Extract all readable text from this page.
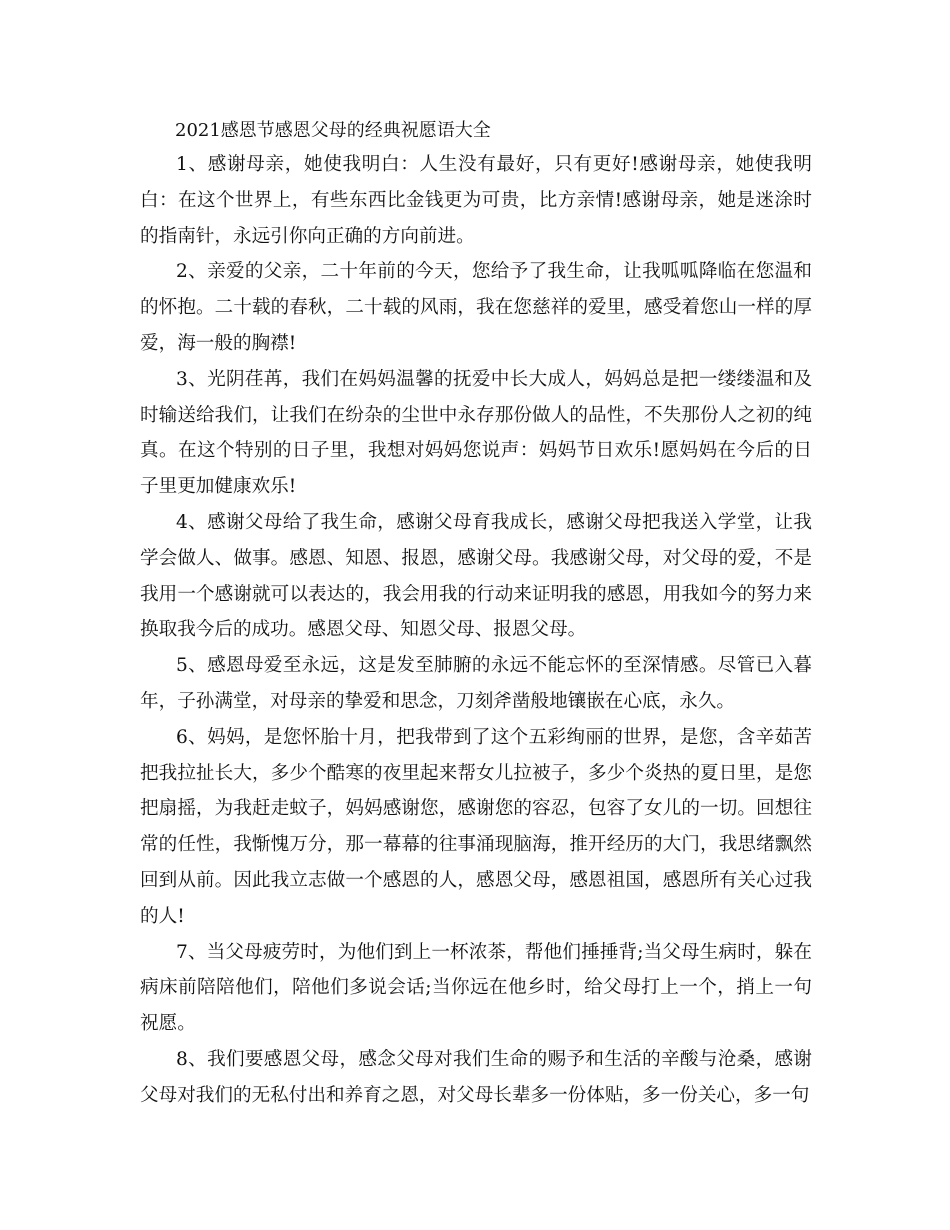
2021感恩节感恩父母的经典祝愿语大全

1、感谢母亲，她使我明白：人生没有最好，只有更好!感谢母亲，她使我明白：在这个世界上，有些东西比金钱更为可贵，比方亲情!感谢母亲，她是迷涂时的指南针，永远引你向正确的方向前进。

2、亲爱的父亲，二十年前的今天，您给予了我生命，让我呱呱降临在您温和的怀抱。二十载的春秋，二十载的风雨，我在您慈祥的爱里，感受着您山一样的厚爱，海一般的胸襟!

3、光阴荏苒，我们在妈妈温馨的抚爱中长大成人，妈妈总是把一缕缕温和及时输送给我们，让我们在纷杂的尘世中永存那份做人的品性，不失那份人之初的纯真。在这个特别的日子里，我想对妈妈您说声：妈妈节日欢乐!愿妈妈在今后的日子里更加健康欢乐!

4、感谢父母给了我生命，感谢父母育我成长，感谢父母把我送入学堂，让我学会做人、做事。感恩、知恩、报恩，感谢父母。我感谢父母，对父母的爱，不是我用一个感谢就可以表达的，我会用我的行动来证明我的感恩，用我如今的努力来换取我今后的成功。感恩父母、知恩父母、报恩父母。

5、感恩母爱至永远，这是发至肺腑的永远不能忘怀的至深情感。尽管已入暮年，子孙满堂，对母亲的挚爱和思念，刀刻斧凿般地镶嵌在心底，永久。

6、妈妈，是您怀胎十月，把我带到了这个五彩绚丽的世界，是您，含辛茹苦把我拉扯长大，多少个酷寒的夜里起来帮女儿拉被子，多少个炎热的夏日里，是您把扇摇，为我赶走蚊子，妈妈感谢您，感谢您的容忍，包容了女儿的一切。回想往常的任性，我惭愧万分，那一幕幕的往事涌现脑海，推开经历的大门，我思绪飘然回到从前。因此我立志做一个感恩的人，感恩父母，感恩祖国，感恩所有关心过我的人!

7、当父母疲劳时，为他们到上一杯浓茶，帮他们捶捶背;当父母生病时，躲在病床前陪陪他们，陪他们多说会话;当你远在他乡时，给父母打上一个，捎上一句祝愿。

8、我们要感恩父母，感念父母对我们生命的赐予和生活的辛酸与沧桑，感谢父母对我们的无私付出和养育之恩，对父母长辈多一份体贴，多一份关心，多一句
